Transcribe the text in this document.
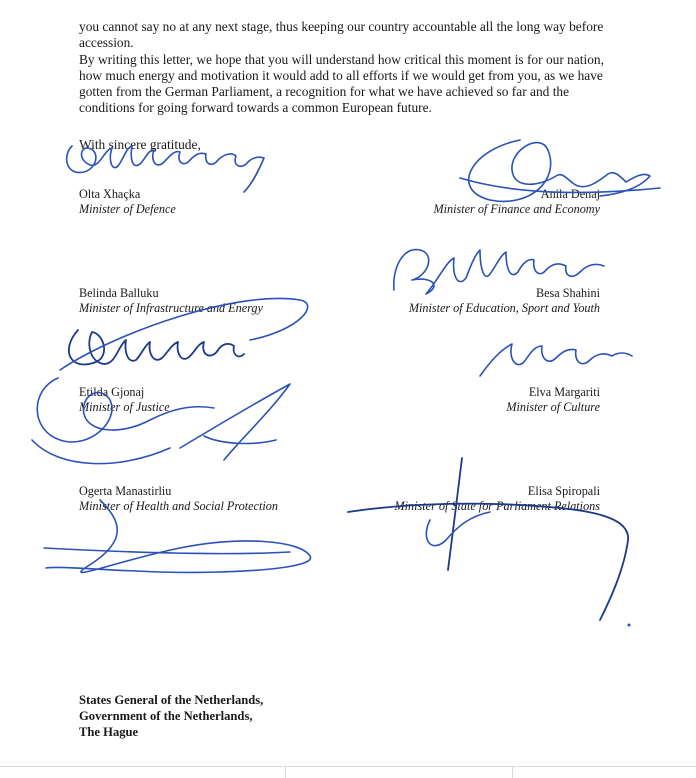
you cannot say no at any next stage, thus keeping our country accountable all the long way before accession.

By writing this letter, we hope that you will understand how critical this moment is for our nation, how much energy and motivation it would add to all efforts if we would get from you, as we have gotten from the German Parliament, a recognition for what we have achieved so far and the conditions for going forward towards a common European future.

With sincere gratitude,
Olta Xhaçka
Minister of Defence
Anila Denaj
Minister of Finance and Economy
Belinda Balluku
Minister of Infrastructure and Energy
Besa Shahini
Minister of Education, Sport and Youth
Etilda Gjonaj
Minister of Justice
Elva Margariti
Minister of Culture
Ogerta Manastirliu
Minister of Health and Social Protection
Elisa Spiropali
Minister of State for Parliament Relations
States General of the Netherlands,
Government of the Netherlands,
The Hague
